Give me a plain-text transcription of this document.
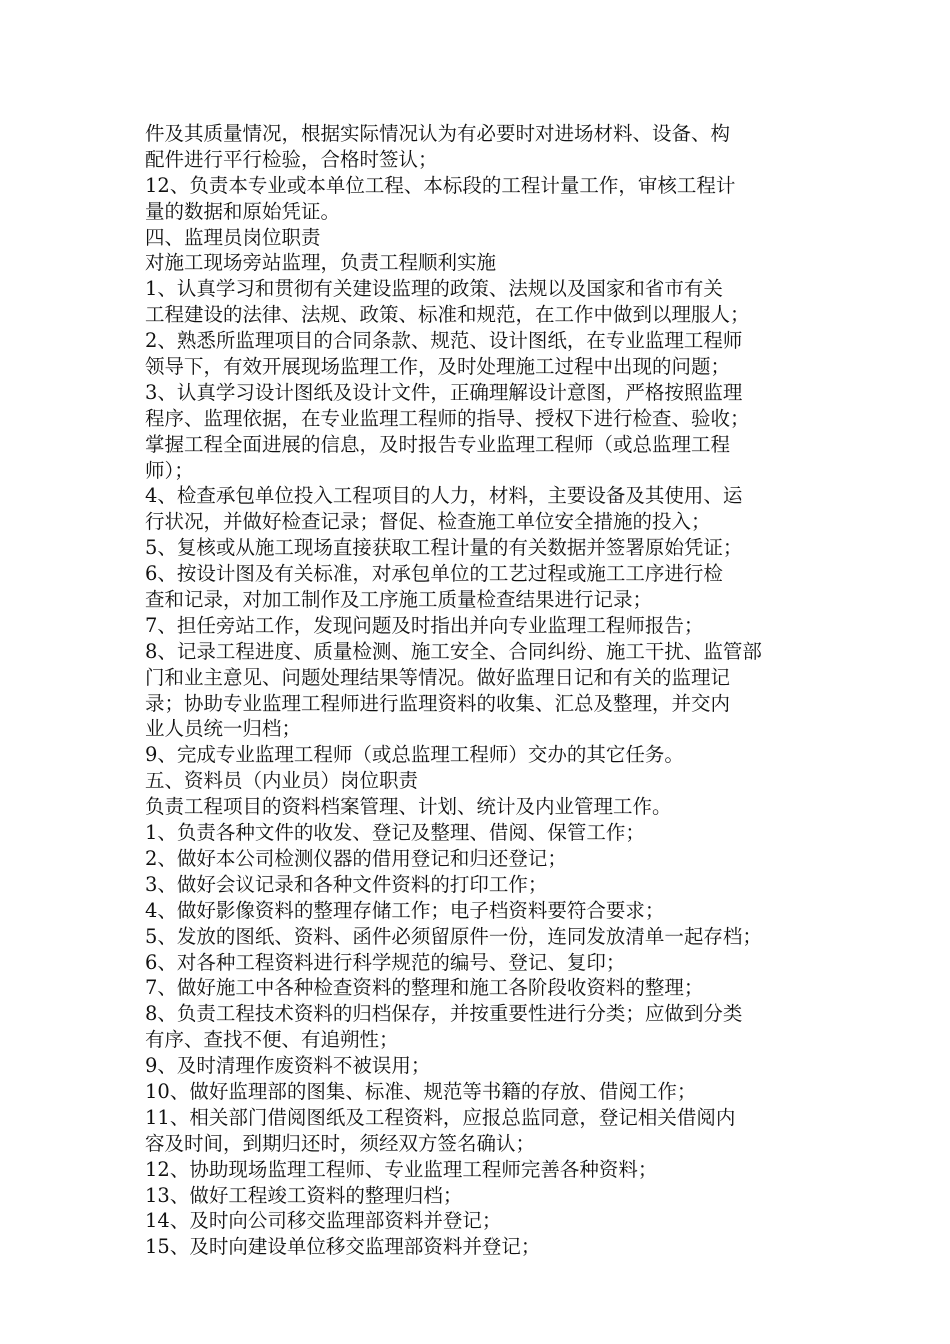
件及其质量情况，根据实际情况认为有必要时对进场材料、设备、构
配件进行平行检验，合格时签认；
12、负责本专业或本单位工程、本标段的工程计量工作，审核工程计
量的数据和原始凭证。
四、监理员岗位职责
对施工现场旁站监理，负责工程顺利实施
1、认真学习和贯彻有关建设监理的政策、法规以及国家和省市有关
工程建设的法律、法规、政策、标准和规范，在工作中做到以理服人；
2、熟悉所监理项目的合同条款、规范、设计图纸，在专业监理工程师
领导下，有效开展现场监理工作，及时处理施工过程中出现的问题；
3、认真学习设计图纸及设计文件，正确理解设计意图，严格按照监理
程序、监理依据，在专业监理工程师的指导、授权下进行检查、验收；
掌握工程全面进展的信息，及时报告专业监理工程师（或总监理工程
师）；
4、检查承包单位投入工程项目的人力，材料，主要设备及其使用、运
行状况，并做好检查记录；督促、检查施工单位安全措施的投入；
5、复核或从施工现场直接获取工程计量的有关数据并签署原始凭证；
6、按设计图及有关标准，对承包单位的工艺过程或施工工序进行检
查和记录，对加工制作及工序施工质量检查结果进行记录；
7、担任旁站工作，发现问题及时指出并向专业监理工程师报告；
8、记录工程进度、质量检测、施工安全、合同纠纷、施工干扰、监管部
门和业主意见、问题处理结果等情况。做好监理日记和有关的监理记
录；协助专业监理工程师进行监理资料的收集、汇总及整理，并交内
业人员统一归档；
9、完成专业监理工程师（或总监理工程师）交办的其它任务。
五、资料员（内业员）岗位职责
负责工程项目的资料档案管理、计划、统计及内业管理工作。
1、负责各种文件的收发、登记及整理、借阅、保管工作；
2、做好本公司检测仪器的借用登记和归还登记；
3、做好会议记录和各种文件资料的打印工作；
4、做好影像资料的整理存储工作；电子档资料要符合要求；
5、发放的图纸、资料、函件必须留原件一份，连同发放清单一起存档；
6、对各种工程资料进行科学规范的编号、登记、复印；
7、做好施工中各种检查资料的整理和施工各阶段收资料的整理；
8、负责工程技术资料的归档保存，并按重要性进行分类；应做到分类
有序、查找不便、有追朔性；
9、及时清理作废资料不被误用；
10、做好监理部的图集、标准、规范等书籍的存放、借阅工作；
11、相关部门借阅图纸及工程资料，应报总监同意，登记相关借阅内
容及时间，到期归还时，须经双方签名确认；
12、协助现场监理工程师、专业监理工程师完善各种资料；
13、做好工程竣工资料的整理归档；
14、及时向公司移交监理部资料并登记；
15、及时向建设单位移交监理部资料并登记；
